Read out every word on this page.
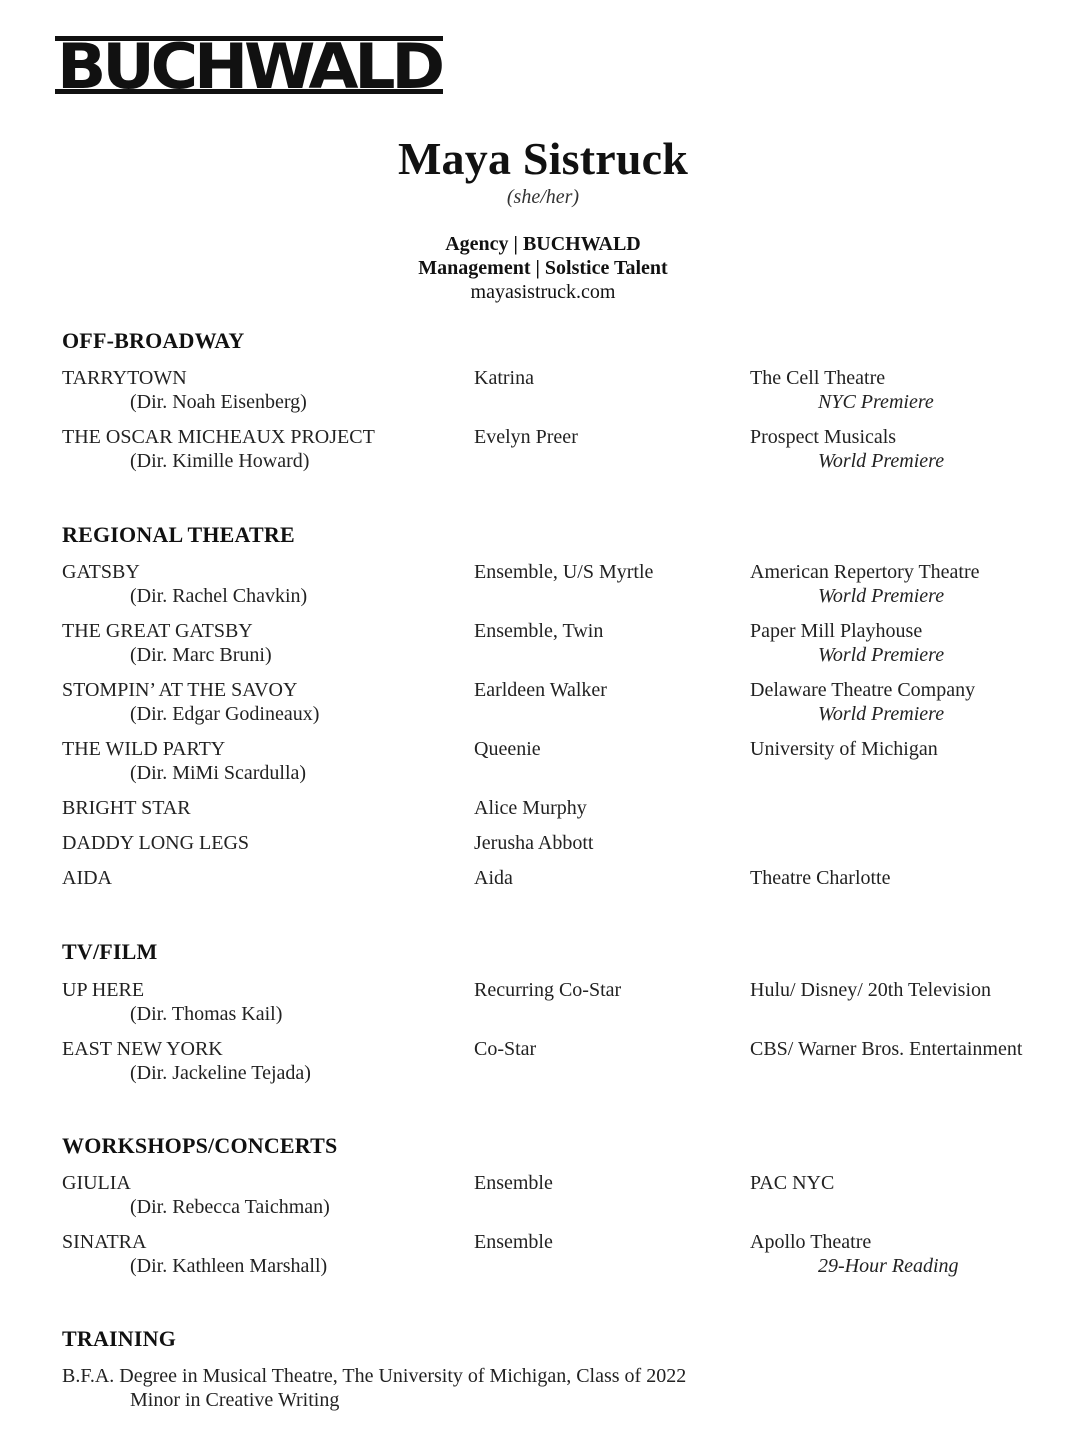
BUCHWALD
Maya Sistruck
(she/her)
Agency | BUCHWALD
Management | Solstice Talent
mayasistruck.com
OFF-BROADWAY
TARRYTOWN
(Dir. Noah Eisenberg)
Katrina	The Cell Theatre
NYC Premiere
THE OSCAR MICHEAUX PROJECT
(Dir. Kimille Howard)
Evelyn Preer	Prospect Musicals
World Premiere
REGIONAL THEATRE
GATSBY
(Dir. Rachel Chavkin)
Ensemble, U/S Myrtle	American Repertory Theatre
World Premiere
THE GREAT GATSBY
(Dir. Marc Bruni)
Ensemble, Twin	Paper Mill Playhouse
World Premiere
STOMPIN’ AT THE SAVOY
(Dir. Edgar Godineaux)
Earldeen Walker	Delaware Theatre Company
World Premiere
THE WILD PARTY
(Dir. MiMi Scardulla)
Queenie	University of Michigan
BRIGHT STAR	Alice Murphy
DADDY LONG LEGS	Jerusha Abbott
AIDA	Aida	Theatre Charlotte
TV/FILM
UP HERE
(Dir. Thomas Kail)
Recurring Co-Star	Hulu/ Disney/ 20th Television
EAST NEW YORK
(Dir. Jackeline Tejada)
Co-Star	CBS/ Warner Bros. Entertainment
WORKSHOPS/CONCERTS
GIULIA
(Dir. Rebecca Taichman)
Ensemble	PAC NYC
SINATRA
(Dir. Kathleen Marshall)
Ensemble	Apollo Theatre
29-Hour Reading
TRAINING
B.F.A. Degree in Musical Theatre, The University of Michigan, Class of 2022
Minor in Creative Writing
